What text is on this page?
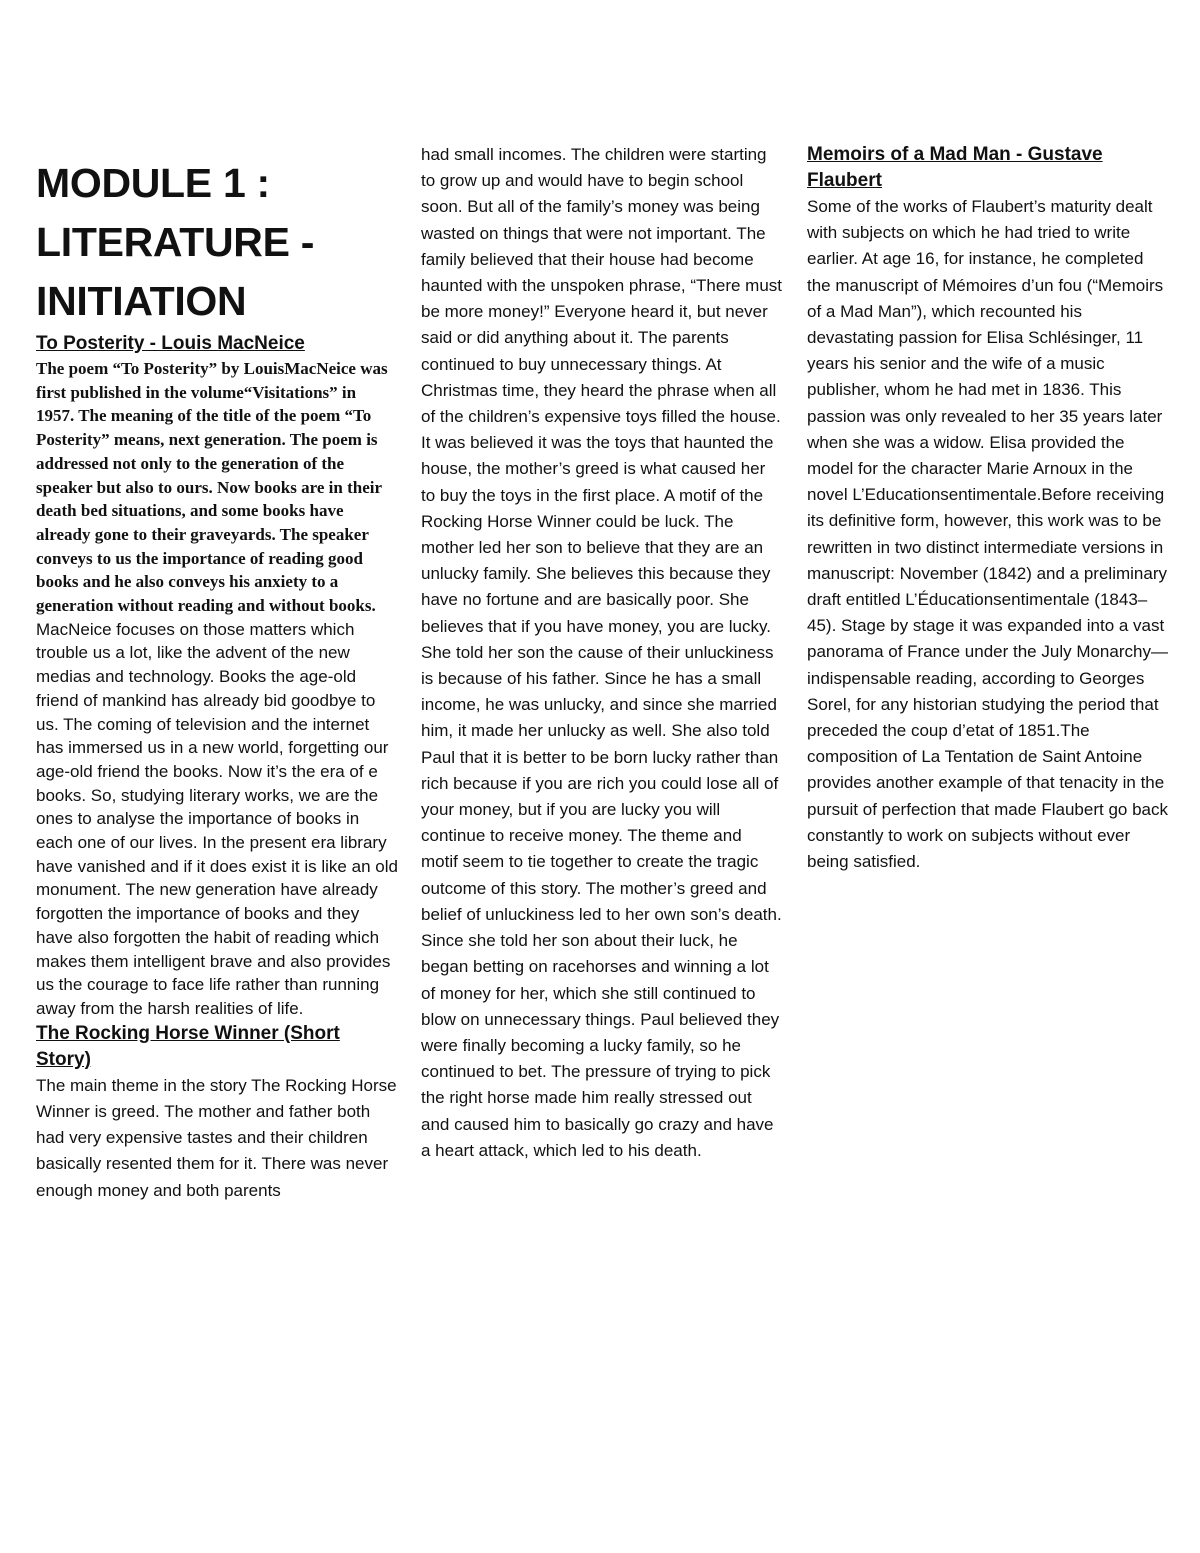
MODULE 1 :
LITERATURE -
INITIATION
To Posterity - Louis MacNeice

The poem “To Posterity” by LouisMacNeice was first published in the volume“Visitations” in 1957. The meaning of the title of the poem “To Posterity” means, next generation. The poem is addressed not only to the generation of the speaker but also to ours. Now books are in their death bed situations, and some books have already gone to their graveyards. The speaker conveys to us the importance of reading good books and he also conveys his anxiety to a generation without reading and without books. MacNeice focuses on those matters which trouble us a lot, like the advent of the new medias and technology. Books the age-old friend of mankind has already bid goodbye to us. The coming of television and the internet has immersed us in a new world, forgetting our age-old friend the books. Now it’s the era of e books. So, studying literary works, we are the ones to analyse the importance of books in each one of our lives. In the present era library have vanished and if it does exist it is like an old monument. The new generation have already forgotten the importance of books and they have also forgotten the habit of reading which makes them intelligent brave and also provides us the courage to face life rather than running away from the harsh realities of life.

The Rocking Horse Winner (Short Story)

The main theme in the story The Rocking Horse Winner is greed. The mother and father both had very expensive tastes and their children basically resented them for it. There was never enough money and both parents

had small incomes. The children were starting to grow up and would have to begin school soon. But all of the family’s money was being wasted on things that were not important. The family believed that their house had become haunted with the unspoken phrase, “There must be more money!” Everyone heard it, but never said or did anything about it. The parents continued to buy unnecessary things. At Christmas time, they heard the phrase when all of the children’s expensive toys filled the house. It was believed it was the toys that haunted the house, the mother’s greed is what caused her to buy the toys in the first place. A motif of the Rocking Horse Winner could be luck. The mother led her son to believe that they are an unlucky family. She believes this because they have no fortune and are basically poor. She believes that if you have money, you are lucky. She told her son the cause of their unluckiness is because of his father. Since he has a small income, he was unlucky, and since she married him, it made her unlucky as well. She also told Paul that it is better to be born lucky rather than rich because if you are rich you could lose all of your money, but if you are lucky you will continue to receive money. The theme and motif seem to tie together to create the tragic outcome of this story. The mother’s greed and belief of unluckiness led to her own son’s death. Since she told her son about their luck, he began betting on racehorses and winning a lot of money for her, which she still continued to blow on unnecessary things. Paul believed they were finally becoming a lucky family, so he continued to bet. The pressure of trying to pick the right horse made him really stressed out and caused him to basically go crazy and have a heart attack, which led to his death.

Memoirs of a Mad Man - Gustave Flaubert

Some of the works of Flaubert’s maturity dealt with subjects on which he had tried to write earlier. At age 16, for instance, he completed the manuscript of Mémoires d’un fou (“Memoirs of a Mad Man”), which recounted his devastating passion for Elisa Schlésinger, 11 years his senior and the wife of a music publisher, whom he had met in 1836. This passion was only revealed to her 35 years later when she was a widow. Elisa provided the model for the character Marie Arnoux in the novel L’Educationsentimentale.Before receiving its definitive form, however, this work was to be rewritten in two distinct intermediate versions in manuscript: November (1842) and a preliminary draft entitled L’Éducationsentimentale (1843–45). Stage by stage it was expanded into a vast panorama of France under the July Monarchy—indispensable reading, according to Georges Sorel, for any historian studying the period that preceded the coup d’etat of 1851.The composition of La Tentation de Saint Antoine provides another example of that tenacity in the pursuit of perfection that made Flaubert go back constantly to work on subjects without ever being satisfied.
